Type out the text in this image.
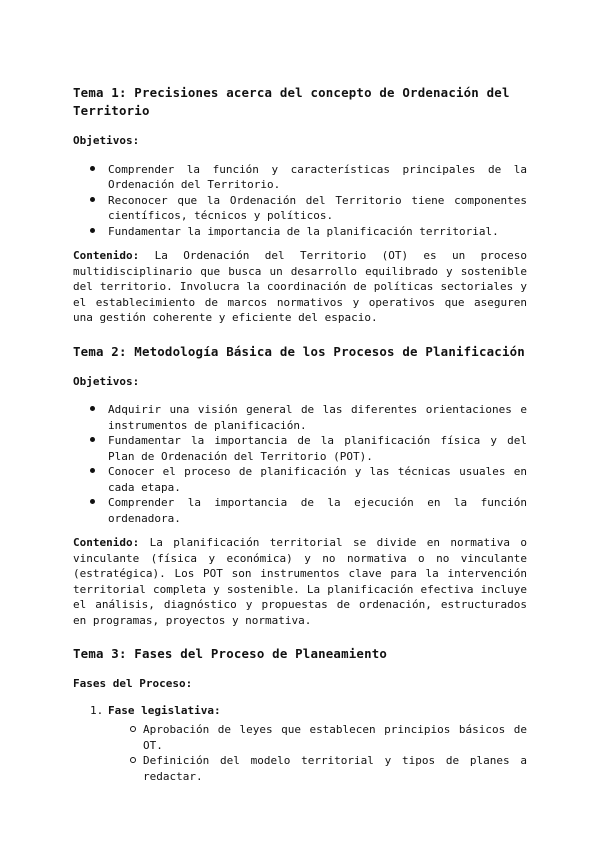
Tema 1: Precisiones acerca del concepto de Ordenación del Territorio
Objetivos:
Comprender la función y características principales de la Ordenación del Territorio.
Reconocer que la Ordenación del Territorio tiene componentes científicos, técnicos y políticos.
Fundamentar la importancia de la planificación territorial.

Contenido: La Ordenación del Territorio (OT) es un proceso multidisciplinario que busca un desarrollo equilibrado y sostenible del territorio. Involucra la coordinación de políticas sectoriales y el establecimiento de marcos normativos y operativos que aseguren una gestión coherente y eficiente del espacio.

Tema 2: Metodología Básica de los Procesos de Planificación
Objetivos:
Adquirir una visión general de las diferentes orientaciones e instrumentos de planificación.
Fundamentar la importancia de la planificación física y del Plan de Ordenación del Territorio (POT).
Conocer el proceso de planificación y las técnicas usuales en cada etapa.
Comprender la importancia de la ejecución en la función ordenadora.

Contenido: La planificación territorial se divide en normativa o vinculante (física y económica) y no normativa o no vinculante (estratégica). Los POT son instrumentos clave para la intervención territorial completa y sostenible. La planificación efectiva incluye el análisis, diagnóstico y propuestas de ordenación, estructurados en programas, proyectos y normativa.

Tema 3: Fases del Proceso de Planeamiento
Fases del Proceso:
1. Fase legislativa:
Aprobación de leyes que establecen principios básicos de OT.
Definición del modelo territorial y tipos de planes a redactar.
